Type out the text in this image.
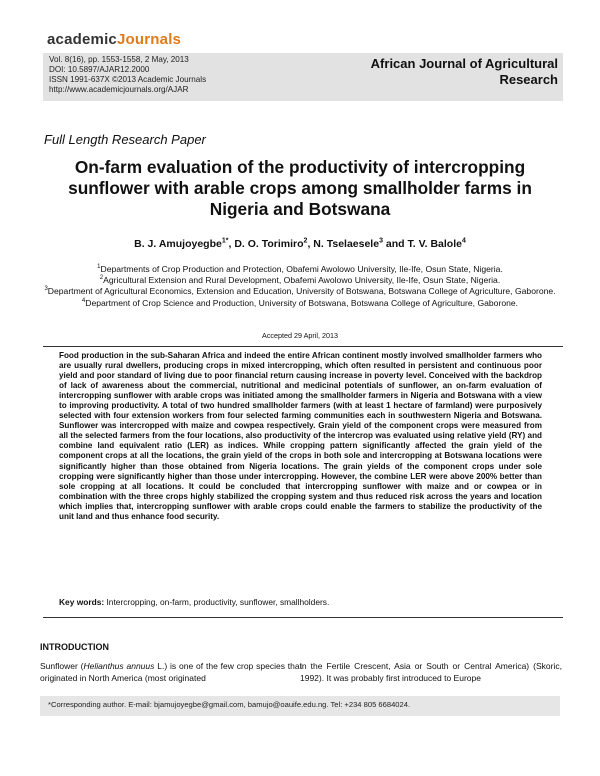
academicJournals
Vol. 8(16), pp. 1553-1558, 2 May, 2013
DOI: 10.5897/AJAR12.2000
ISSN 1991-637X ©2013 Academic Journals
http://www.academicjournals.org/AJAR
African Journal of Agricultural
Research
Full Length Research Paper
On-farm evaluation of the productivity of intercropping sunflower with arable crops among smallholder farms in Nigeria and Botswana
B. J. Amujoyegbe$^{1*}$, D. O. Torimiro$^2$, N. Tselaesele$^3$ and T. V. Balole$^4$
$^1$Departments of Crop Production and Protection, Obafemi Awolowo University, Ile-Ife, Osun State, Nigeria.
$^2$Agricultural Extension and Rural Development, Obafemi Awolowo University, Ile-Ife, Osun State, Nigeria.
$^3$Department of Agricultural Economics, Extension and Education, University of Botswana, Botswana College of Agriculture, Gaborone.
$^4$Department of Crop Science and Production, University of Botswana, Botswana College of Agriculture, Gaborone.
Accepted 29 April, 2013
Food production in the sub-Saharan Africa and indeed the entire African continent mostly involved smallholder farmers who are usually rural dwellers, producing crops in mixed intercropping, which often resulted in persistent and continuous poor yield and poor standard of living due to poor financial return causing increase in poverty level. Conceived with the backdrop of lack of awareness about the commercial, nutritional and medicinal potentials of sunflower, an on-farm evaluation of intercropping sunflower with arable crops was initiated among the smallholder farmers in Nigeria and Botswana with a view to improving productivity. A total of two hundred smallholder farmers (with at least 1 hectare of farmland) were purposively selected with four extension workers from four selected farming communities each in southwestern Nigeria and Botswana. Sunflower was intercropped with maize and cowpea respectively. Grain yield of the component crops were measured from all the selected farmers from the four locations, also productivity of the intercrop was evaluated using relative yield (RY) and combine land equivalent ratio (LER) as indices. While cropping pattern significantly affected the grain yield of the component crops at all the locations, the grain yield of the crops in both sole and intercropping at Botswana locations were significantly higher than those obtained from Nigeria locations. The grain yields of the component crops under sole cropping were significantly higher than those under intercropping. However, the combine LER were above 200% better than sole cropping at all locations. It could be concluded that intercropping sunflower with maize and or cowpea or in combination with the three crops highly stabilized the cropping system and thus reduced risk across the years and location which implies that, intercropping sunflower with arable crops could enable the farmers to stabilize the productivity of the unit land and thus enhance food security.
Key words: Intercropping, on-farm, productivity, sunflower, smallholders.
INTRODUCTION
Sunflower (Helianthus annuus L.) is one of the few crop species that originated in North America (most originated
in the Fertile Crescent, Asia or South or Central America) (Skoric, 1992). It was probably first introduced to Europe
*Corresponding author. E-mail: bjamujoyegbe@gmail.com, bamujo@oauife.edu.ng. Tel: +234 805 6684024.
